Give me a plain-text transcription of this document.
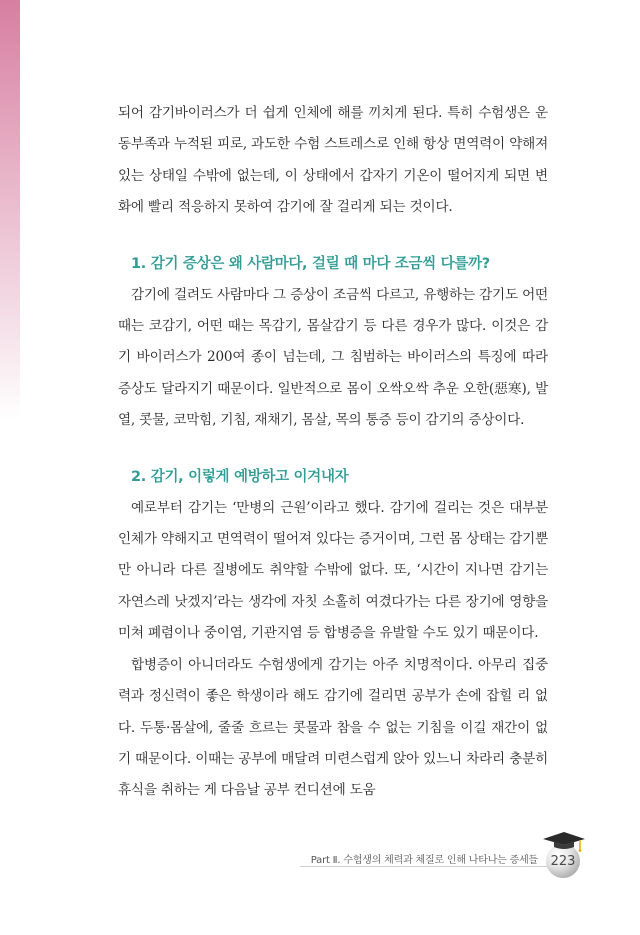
되어 감기바이러스가 더 쉽게 인체에 해를 끼치게 된다. 특히 수험생은 운동부족과 누적된 피로, 과도한 수험 스트레스로 인해 항상 면역력이 약해져 있는 상태일 수밖에 없는데, 이 상태에서 갑자기 기온이 떨어지게 되면 변화에 빨리 적응하지 못하여 감기에 잘 걸리게 되는 것이다.

1. 감기 증상은 왜 사람마다, 걸릴 때 마다 조금씩 다를까?

감기에 걸려도 사람마다 그 증상이 조금씩 다르고, 유행하는 감기도 어떤 때는 코감기, 어떤 때는 목감기, 몸살감기 등 다른 경우가 많다. 이것은 감기 바이러스가 200여 종이 넘는데, 그 침범하는 바이러스의 특징에 따라 증상도 달라지기 때문이다. 일반적으로 몸이 오싹오싹 추운 오한(惡寒), 발열, 콧물, 코막힘, 기침, 재채기, 몸살, 목의 통증 등이 감기의 증상이다.

2. 감기, 이렇게 예방하고 이겨내자

예로부터 감기는 ‘만병의 근원’이라고 했다. 감기에 걸리는 것은 대부분 인체가 약해지고 면역력이 떨어져 있다는 증거이며, 그런 몸 상태는 감기뿐만 아니라 다른 질병에도 취약할 수밖에 없다. 또, ‘시간이 지나면 감기는 자연스레 낫겠지’라는 생각에 자칫 소홀히 여겼다가는 다른 장기에 영향을 미쳐 폐렴이나 중이염, 기관지염 등 합병증을 유발할 수도 있기 때문이다.

합병증이 아니더라도 수험생에게 감기는 아주 치명적이다. 아무리 집중력과 정신력이 좋은 학생이라 해도 감기에 걸리면 공부가 손에 잡힐 리 없다. 두통·몸살에, 줄줄 흐르는 콧물과 참을 수 없는 기침을 이길 재간이 없기 때문이다. 이때는 공부에 매달려 미련스럽게 앉아 있느니 차라리 충분히 휴식을 취하는 게 다음날 공부 컨디션에 도움

Part Ⅱ. 수험생의 체력과 체질로 인해 나타나는 증세들 223
